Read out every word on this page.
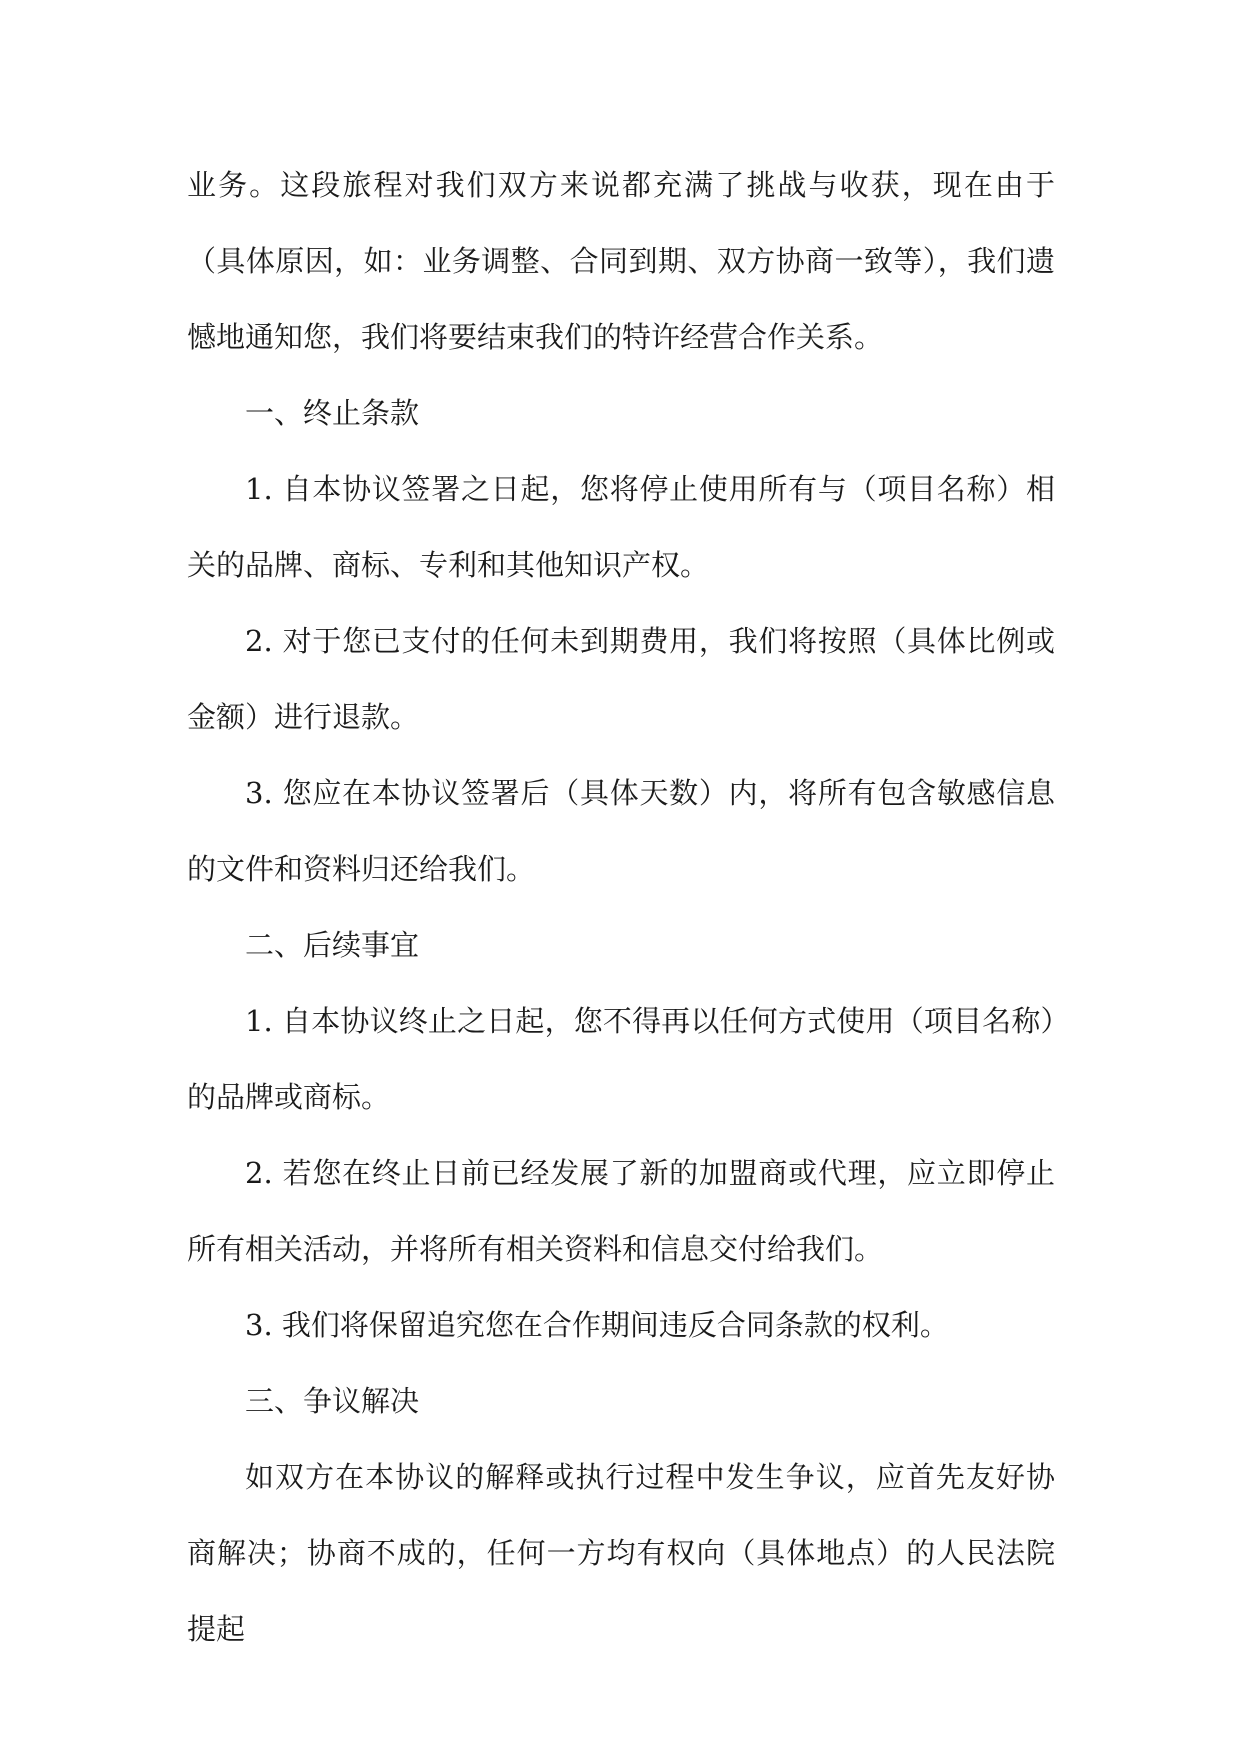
业务。这段旅程对我们双方来说都充满了挑战与收获，现在由于（具体原因，如：业务调整、合同到期、双方协商一致等），我们遗憾地通知您，我们将要结束我们的特许经营合作关系。

一、终止条款

1. 自本协议签署之日起，您将停止使用所有与（项目名称）相关的品牌、商标、专利和其他知识产权。

2. 对于您已支付的任何未到期费用，我们将按照（具体比例或金额）进行退款。

3. 您应在本协议签署后（具体天数）内，将所有包含敏感信息的文件和资料归还给我们。

二、后续事宜

1. 自本协议终止之日起，您不得再以任何方式使用（项目名称）的品牌或商标。

2. 若您在终止日前已经发展了新的加盟商或代理，应立即停止所有相关活动，并将所有相关资料和信息交付给我们。

3. 我们将保留追究您在合作期间违反合同条款的权利。

三、争议解决

如双方在本协议的解释或执行过程中发生争议，应首先友好协商解决；协商不成的，任何一方均有权向（具体地点）的人民法院提起
